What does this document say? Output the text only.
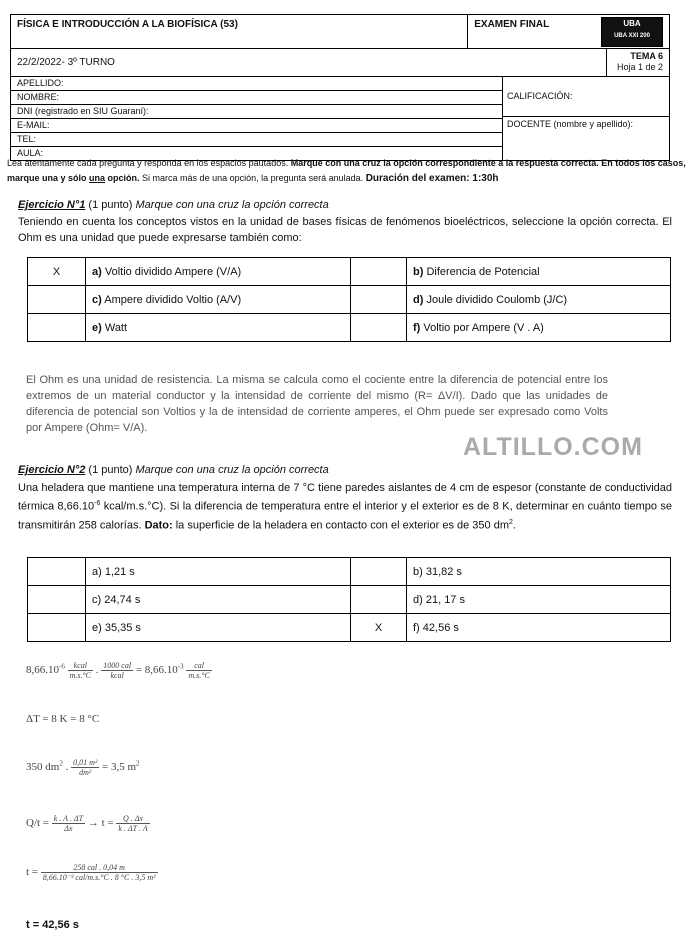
FÍSICA E INTRODUCCIÓN A LA BIOFÍSICA (53)	EXAMEN FINAL	UBA
UBA XXI 200
22/2/2022- 3º TURNO
TEMA 6
Hoja 1 de 2
APELLIDO:
NOMBRE:
DNI (registrado en SIU Guaraní):
E-MAIL:
TEL:
AULA:
CALIFICACIÓN:
DOCENTE (nombre y apellido):
Lea atentamente cada pregunta y responda en los espacios pautados. Marque con una cruz la opción correspondiente a la respuesta correcta. En todos los casos, marque una y sólo una opción. Si marca más de una opción, la pregunta será anulada. Duración del examen: 1:30h
Ejercicio N°1 (1 punto) Marque con una cruz la opción correcta
Teniendo en cuenta los conceptos vistos en la unidad de bases físicas de fenómenos bioeléctricos, seleccione la opción correcta. El Ohm es una unidad que puede expresarse también como:
X	a) Voltio dividido Ampere (V/A)		b) Diferencia de Potencial
	c) Ampere dividido Voltio (A/V)		d) Joule dividido Coulomb (J/C)
	e) Watt		f) Voltio por Ampere (V . A)
El Ohm es una unidad de resistencia. La misma se calcula como el cociente entre la diferencia de potencial entre los extremos de un material conductor y la intensidad de corriente del mismo (R= ΔV/I). Dado que las unidades de diferencia de potencial son Voltios y la de intensidad de corriente amperes, el Ohm puede ser expresado como Volts por Ampere (Ohm= V/A).
ALTILLO.COM
Ejercicio N°2 (1 punto) Marque con una cruz la opción correcta
Una heladera que mantiene una temperatura interna de 7 °C tiene paredes aislantes de 4 cm de espesor (constante de conductividad térmica $8,66.10^{-6}$ kcal/m.s.°C). Si la diferencia de temperatura entre el interior y el exterior es de 8 K, determinar en cuánto tiempo se transmitirán 258 calorías. Dato: la superficie de la heladera en contacto con el exterior es de 350 $dm^2$.
	a) 1,21 s		b) 31,82 s
	c) 24,74 s		d) 21, 17 s
	e) 35,35 s	X	f) 42,56 s
$8,66.10^{-6} \frac{\text{kcal}}{m.s.^\circ C}$ . $\frac{\text{1000 cal}}{\text{kcal}} = 8,66.10^{-3} \frac{\text{cal}}{m.s.^\circ C}$
ΔT = 8 K = 8 °C
350 $dm^2$ . $\frac{\text{0,01 m²}}{\text{dm²}} = 3,5$ $m^2$
$Q/t = \frac{k . A . \Delta T}{\Delta x} \to t = \frac{Q . \Delta x}{k . \Delta T . A}$
$t = \frac{\text{258 cal . 0,04 m}}{\text{8,66.10⁻³ cal/m.s.°C . 8 °C . 3,5 m²}}$
t = 42,56 s
